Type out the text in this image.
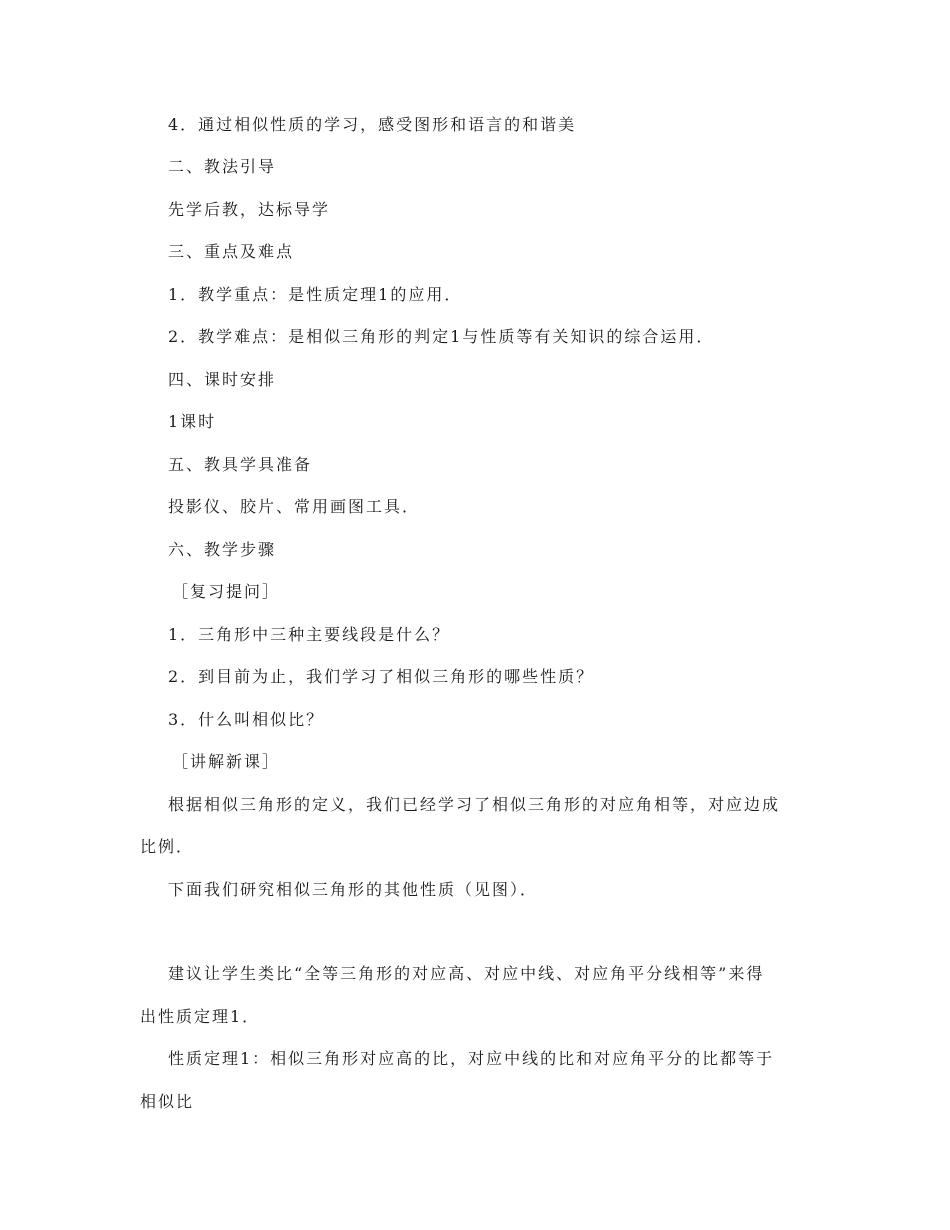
4．通过相似性质的学习，感受图形和语言的和谐美
二、教法引导
先学后教，达标导学
三、重点及难点
1．教学重点：是性质定理1的应用．
2．教学难点：是相似三角形的判定1与性质等有关知识的综合运用．
四、课时安排
1课时
五、教具学具准备
投影仪、胶片、常用画图工具．
六、教学步骤
［复习提问］
1．三角形中三种主要线段是什么？
2．到目前为止，我们学习了相似三角形的哪些性质？
3．什么叫相似比？
［讲解新课］
根据相似三角形的定义，我们已经学习了相似三角形的对应角相等，对应边成
比例．
下面我们研究相似三角形的其他性质（见图）．
建议让学生类比“全等三角形的对应高、对应中线、对应角平分线相等”来得
出性质定理1．
性质定理1：相似三角形对应高的比，对应中线的比和对应角平分的比都等于
相似比
